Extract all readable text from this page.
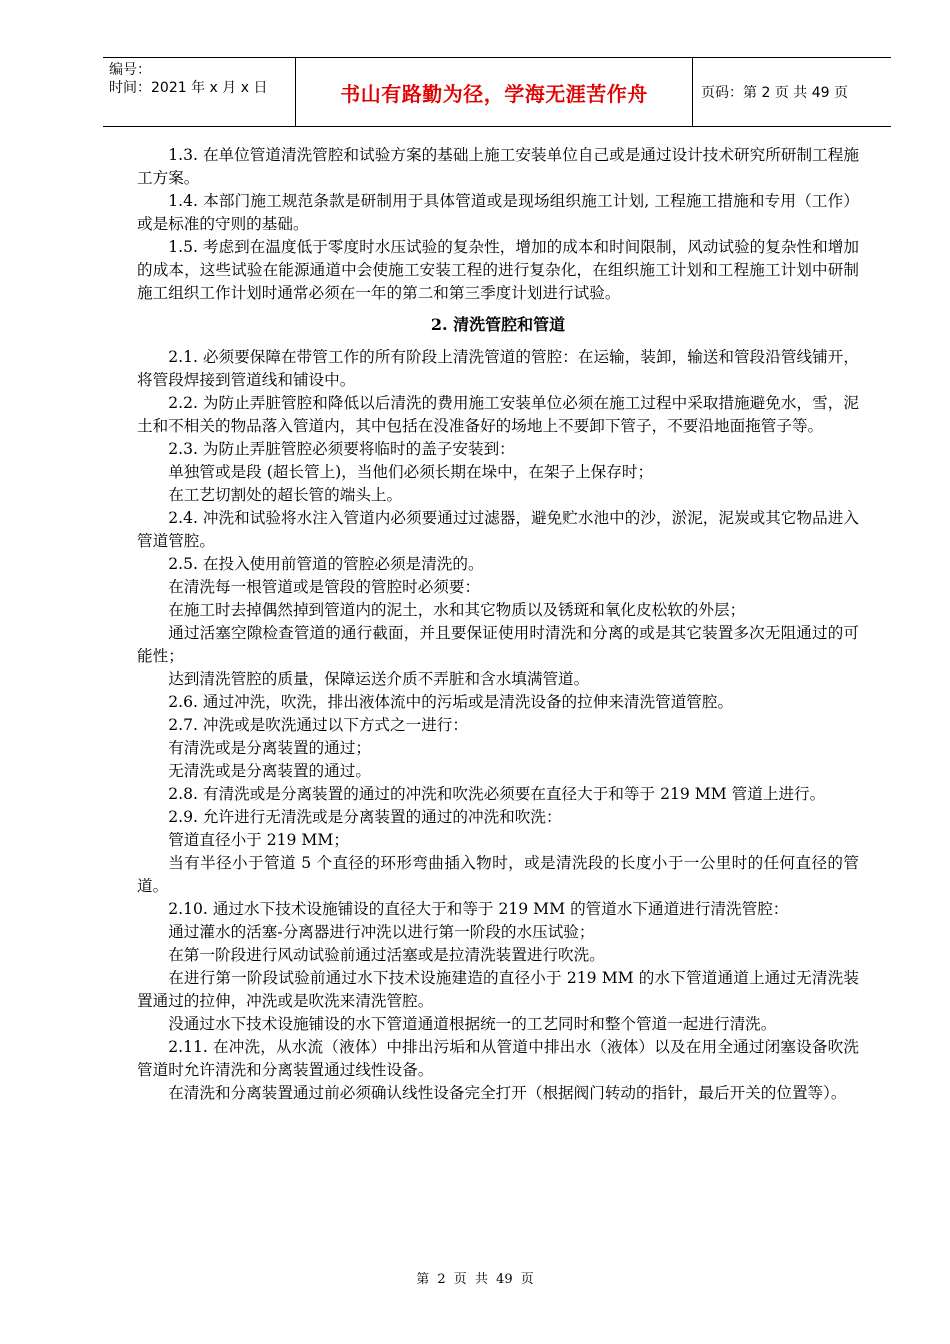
编号：
时间：2021 年 x 月 x 日	书山有路勤为径，学海无涯苦作舟	页码：第 2 页 共 49 页

1.3. 在单位管道清洗管腔和试验方案的基础上施工安装单位自己或是通过设计技术研究所研制工程施工方案。

1.4. 本部门施工规范条款是研制用于具体管道或是现场组织施工计划, 工程施工措施和专用（工作）或是标准的守则的基础。

1.5. 考虑到在温度低于零度时水压试验的复杂性，增加的成本和时间限制，风动试验的复杂性和增加的成本，这些试验在能源通道中会使施工安装工程的进行复杂化，在组织施工计划和工程施工计划中研制施工组织工作计划时通常必须在一年的第二和第三季度计划进行试验。

2. 清洗管腔和管道

2.1. 必须要保障在带管工作的所有阶段上清洗管道的管腔：在运输，装卸，输送和管段沿管线铺开，将管段焊接到管道线和铺设中。

2.2. 为防止弄脏管腔和降低以后清洗的费用施工安装单位必须在施工过程中采取措施避免水，雪，泥土和不相关的物品落入管道内，其中包括在没准备好的场地上不要卸下管子，不要沿地面拖管子等。

2.3. 为防止弄脏管腔必须要将临时的盖子安装到：

单独管或是段 (超长管上)，当他们必须长期在垛中，在架子上保存时；

在工艺切割处的超长管的端头上。

2.4. 冲洗和试验将水注入管道内必须要通过过滤器，避免贮水池中的沙，淤泥，泥炭或其它物品进入管道管腔。

2.5. 在投入使用前管道的管腔必须是清洗的。

在清洗每一根管道或是管段的管腔时必须要：

在施工时去掉偶然掉到管道内的泥土，水和其它物质以及锈斑和氧化皮松软的外层；

通过活塞空隙检查管道的通行截面，并且要保证使用时清洗和分离的或是其它装置多次无阻通过的可能性；

达到清洗管腔的质量，保障运送介质不弄脏和含水填满管道。

2.6. 通过冲洗，吹洗，排出液体流中的污垢或是清洗设备的拉伸来清洗管道管腔。

2.7. 冲洗或是吹洗通过以下方式之一进行：

有清洗或是分离装置的通过；

无清洗或是分离装置的通过。

2.8. 有清洗或是分离装置的通过的冲洗和吹洗必须要在直径大于和等于 219 MM 管道上进行。

2.9. 允许进行无清洗或是分离装置的通过的冲洗和吹洗：

管道直径小于 219 MM；

当有半径小于管道 5 个直径的环形弯曲插入物时，或是清洗段的长度小于一公里时的任何直径的管道。

2.10. 通过水下技术设施铺设的直径大于和等于 219 MM 的管道水下通道进行清洗管腔：

通过灌水的活塞-分离器进行冲洗以进行第一阶段的水压试验；

在第一阶段进行风动试验前通过活塞或是拉清洗装置进行吹洗。

在进行第一阶段试验前通过水下技术设施建造的直径小于 219 MM 的水下管道通道上通过无清洗装置通过的拉伸，冲洗或是吹洗来清洗管腔。

没通过水下技术设施铺设的水下管道通道根据统一的工艺同时和整个管道一起进行清洗。

2.11. 在冲洗，从水流（液体）中排出污垢和从管道中排出水（液体）以及在用全通过闭塞设备吹洗管道时允许清洗和分离装置通过线性设备。

在清洗和分离装置通过前必须确认线性设备完全打开（根据阀门转动的指针，最后开关的位置等）。

第 2 页 共 49 页
